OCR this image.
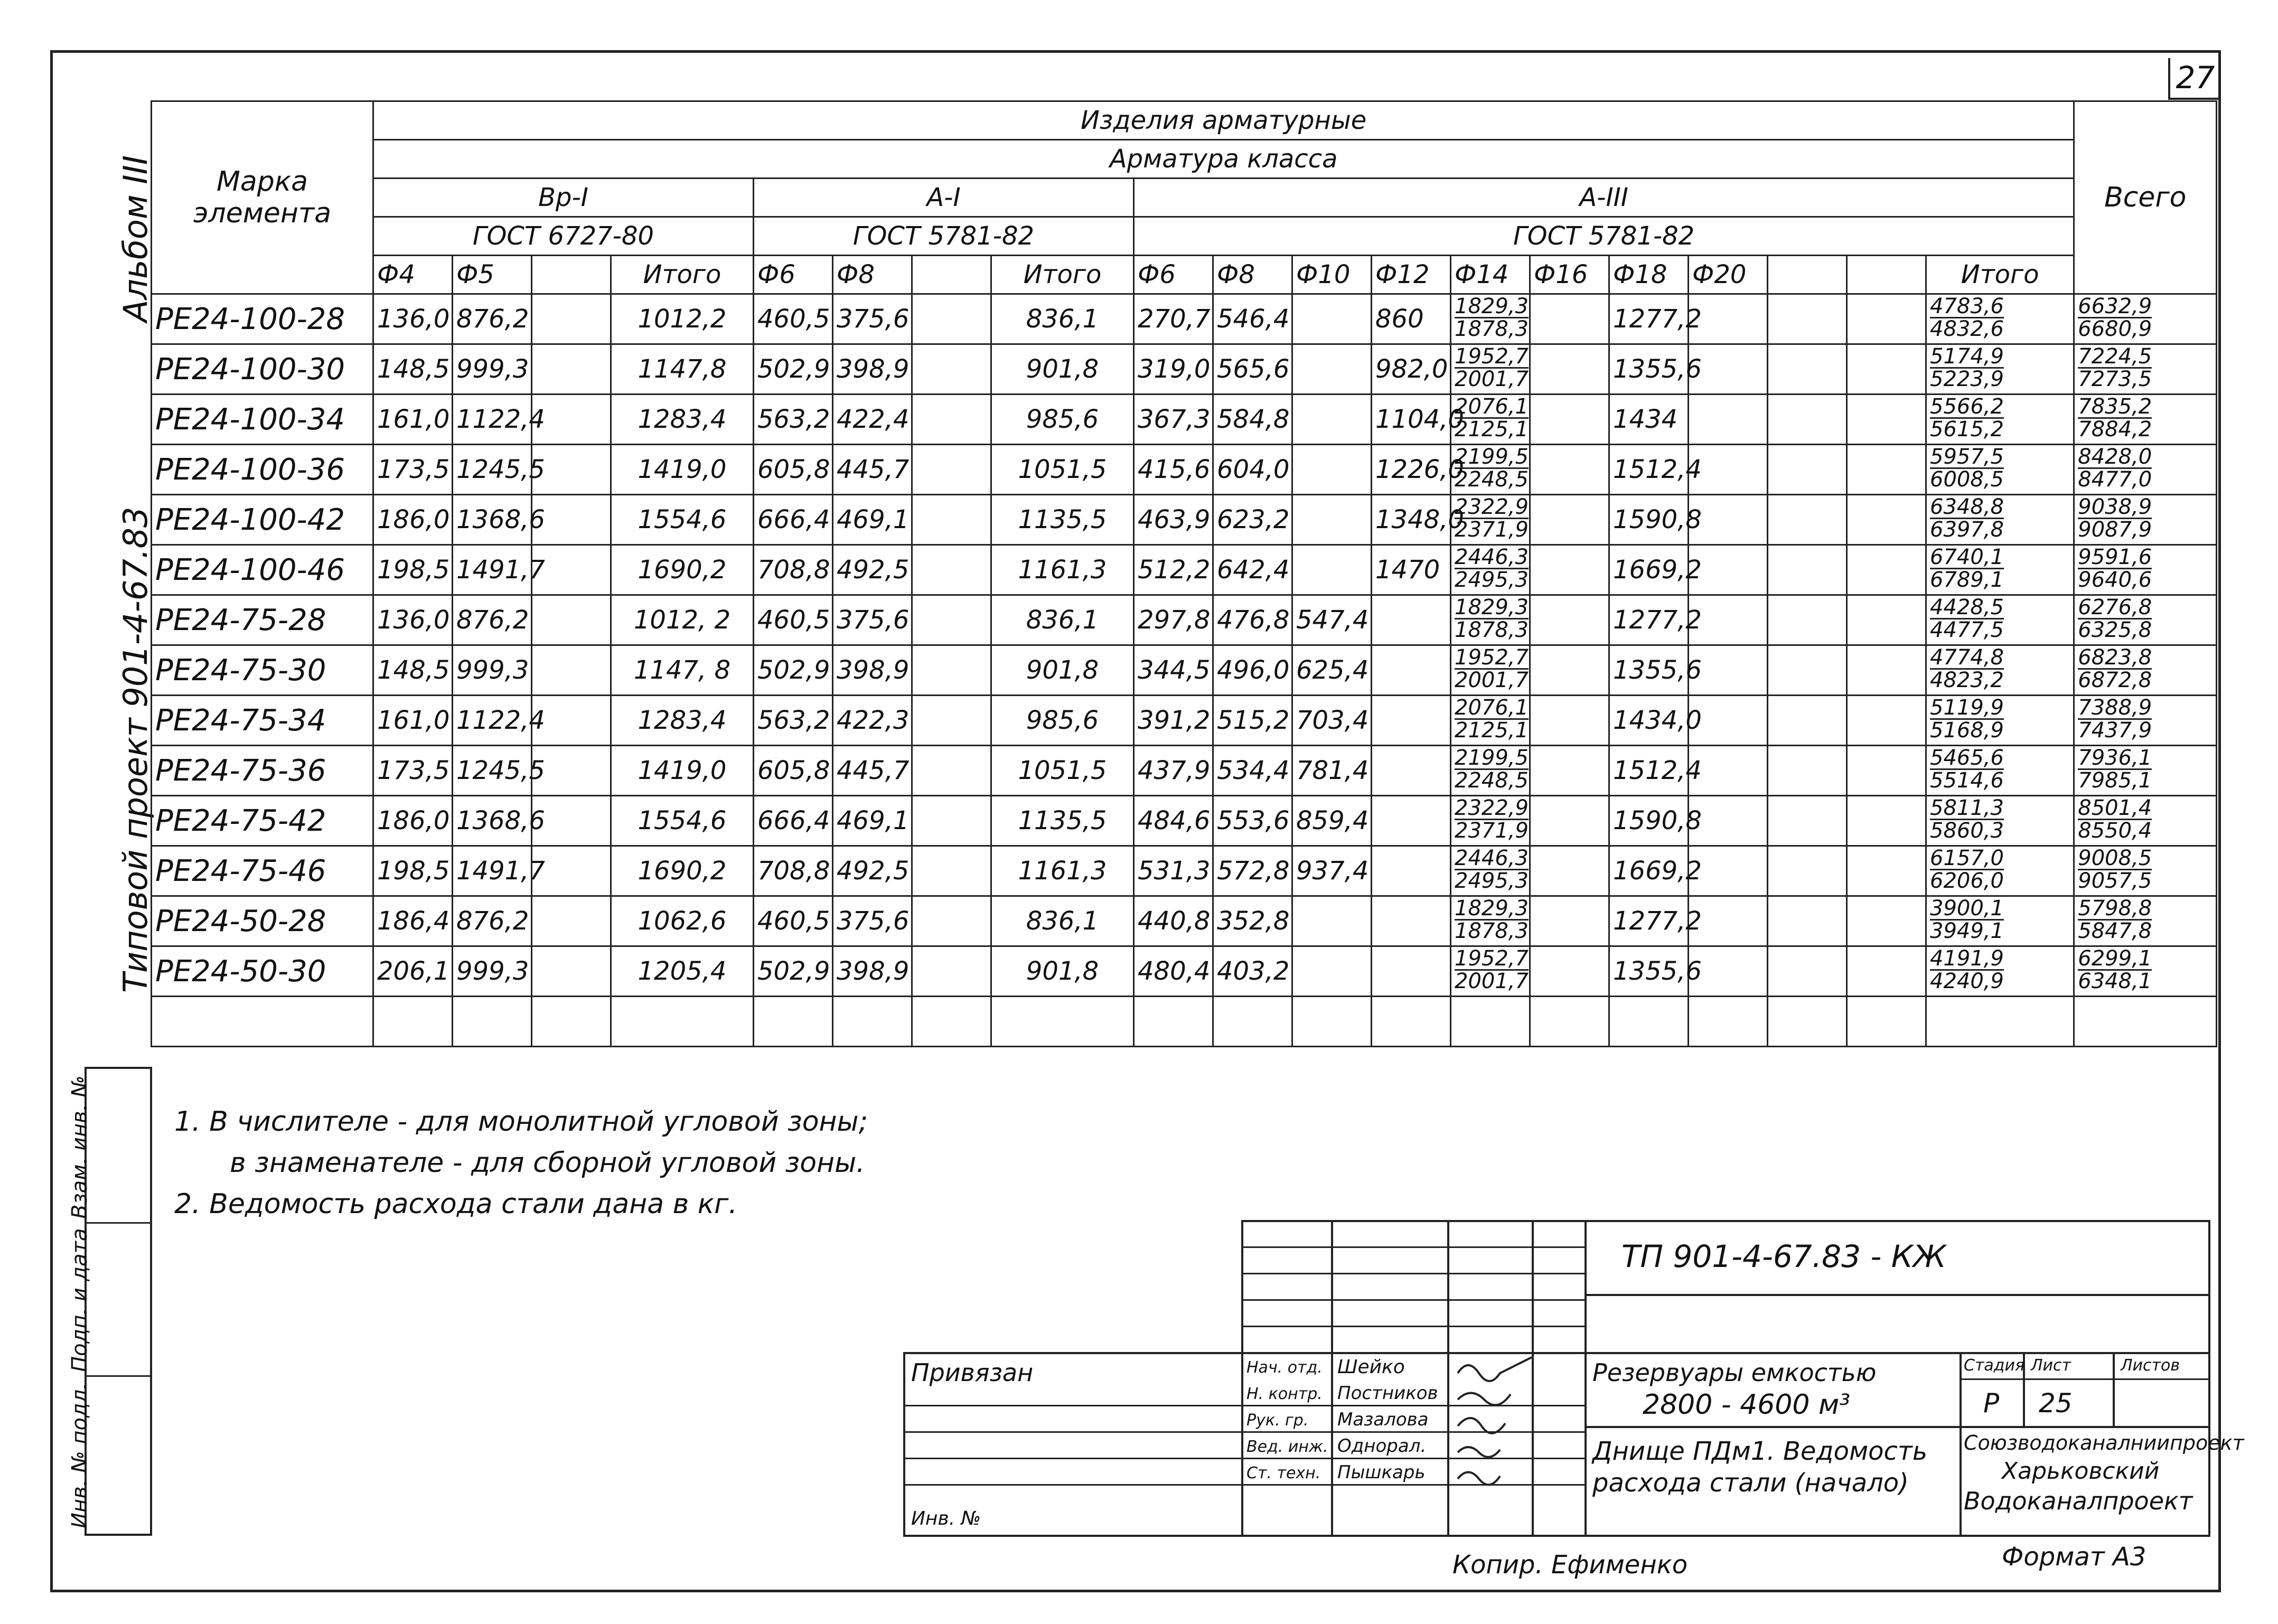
27
Альбом III
Типовой проект 901-4-67.83
Марка элемента	Изделия арматурные																			Всего
	Арматура класса																			
	Вр-I				А-I				А-III											
	ГОСТ 6727-80				ГОСТ 5781-82				ГОСТ 5781-82											
	Ф4	Ф5		Итого	Ф6	Ф8		Итого	Ф6	Ф8	Ф10	Ф12	Ф14	Ф16	Ф18	Ф20			Итого	
PE24-100-28	136,0	876,2		1012,2	460,5	375,6		836,1	270,7	546,4		860	$\frac{1829,3}{1878,3}$		1277,2				$\frac{4783,6}{4832,6}$	$\frac{6632,9}{6680,9}$
PE24-100-30	148,5	999,3		1147,8	502,9	398,9		901,8	319,0	565,6		982,0	$\frac{1952,7}{2001,7}$		1355,6				$\frac{5174,9}{5223,9}$	$\frac{7224,5}{7273,5}$
PE24-100-34	161,0	1122,4		1283,4	563,2	422,4		985,6	367,3	584,8		1104,0	$\frac{2076,1}{2125,1}$		1434				$\frac{5566,2}{5615,2}$	$\frac{7835,2}{7884,2}$
PE24-100-36	173,5	1245,5		1419,0	605,8	445,7		1051,5	415,6	604,0		1226,0	$\frac{2199,5}{2248,5}$		1512,4				$\frac{5957,5}{6008,5}$	$\frac{8428,0}{8477,0}$
PE24-100-42	186,0	1368,6		1554,6	666,4	469,1		1135,5	463,9	623,2		1348,0	$\frac{2322,9}{2371,9}$		1590,8				$\frac{6348,8}{6397,8}$	$\frac{9038,9}{9087,9}$
PE24-100-46	198,5	1491,7		1690,2	708,8	492,5		1161,3	512,2	642,4		1470	$\frac{2446,3}{2495,3}$		1669,2				$\frac{6740,1}{6789,1}$	$\frac{9591,6}{9640,6}$
PE24-75-28	136,0	876,2		1012, 2	460,5	375,6		836,1	297,8	476,8	547,4		$\frac{1829,3}{1878,3}$		1277,2				$\frac{4428,5}{4477,5}$	$\frac{6276,8}{6325,8}$
PE24-75-30	148,5	999,3		1147, 8	502,9	398,9		901,8	344,5	496,0	625,4		$\frac{1952,7}{2001,7}$		1355,6				$\frac{4774,8}{4823,2}$	$\frac{6823,8}{6872,8}$
PE24-75-34	161,0	1122,4		1283,4	563,2	422,3		985,6	391,2	515,2	703,4		$\frac{2076,1}{2125,1}$		1434,0				$\frac{5119,9}{5168,9}$	$\frac{7388,9}{7437,9}$
PE24-75-36	173,5	1245,5		1419,0	605,8	445,7		1051,5	437,9	534,4	781,4		$\frac{2199,5}{2248,5}$		1512,4				$\frac{5465,6}{5514,6}$	$\frac{7936,1}{7985,1}$
PE24-75-42	186,0	1368,6		1554,6	666,4	469,1		1135,5	484,6	553,6	859,4		$\frac{2322,9}{2371,9}$		1590,8				$\frac{5811,3}{5860,3}$	$\frac{8501,4}{8550,4}$
PE24-75-46	198,5	1491,7		1690,2	708,8	492,5		1161,3	531,3	572,8	937,4		$\frac{2446,3}{2495,3}$		1669,2				$\frac{6157,0}{6206,0}$	$\frac{9008,5}{9057,5}$
PE24-50-28	186,4	876,2		1062,6	460,5	375,6		836,1	440,8	352,8			$\frac{1829,3}{1878,3}$		1277,2				$\frac{3900,1}{3949,1}$	$\frac{5798,8}{5847,8}$
PE24-50-30	206,1	999,3		1205,4	502,9	398,9		901,8	480,4	403,2			$\frac{1952,7}{2001,7}$		1355,6				$\frac{4191,9}{4240,9}$	$\frac{6299,1}{6348,1}$

1. В числителе - для монолитной угловой зоны;
в знаменателе - для сборной угловой зоны.
2. Ведомость расхода стали дана в кг.
Взам. инв. №
Подп. и дата
Инв. № подл.
ТП 901-4-67.83 - КЖ
Привязан
Инв. №
Нач. отд.
Н. контр.
Рук. гр.
Вед. инж.
Ст. техн.
Шейко
Постников
Мазалова
Однорал.
Пышкарь
Резервуары емкостью
2800 - 4600 м³
Днище ПДм1. Ведомость
расхода стали (начало)
Стадия Лист	Листов
Р 25
Союзводоканалниипроект
Харьковский
Водоканалпроект
Копир. Ефименко	Формат А3
